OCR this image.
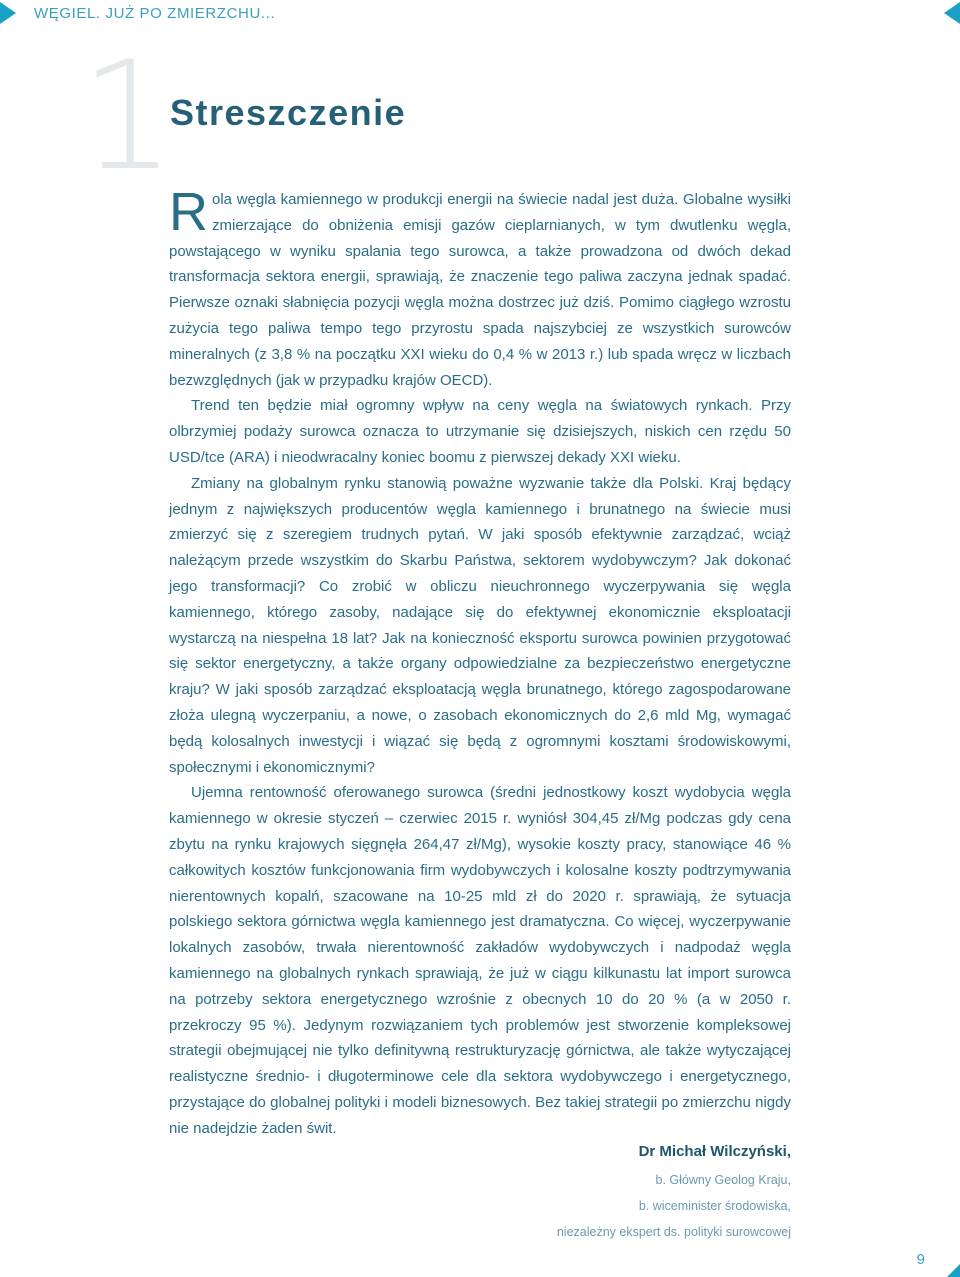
WĘGIEL. JUŻ PO ZMIERZCHU...
1
Streszczenie

Rola węgla kamiennego w produkcji energii na świecie nadal jest duża. Globalne wysiłki zmierzające do obniżenia emisji gazów cieplarnianych, w tym dwutlenku węgla, powstającego w wyniku spalania tego surowca, a także prowadzona od dwóch dekad transformacja sektora energii, sprawiają, że znaczenie tego paliwa zaczyna jednak spadać. Pierwsze oznaki słabnięcia pozycji węgla można dostrzec już dziś. Pomimo ciągłego wzrostu zużycia tego paliwa tempo tego przyrostu spada najszybciej ze wszystkich surowców mineralnych (z 3,8 % na początku XXI wieku do 0,4 % w 2013 r.) lub spada wręcz w liczbach bezwzględnych (jak w przypadku krajów OECD).

Trend ten będzie miał ogromny wpływ na ceny węgla na światowych rynkach. Przy olbrzymiej podaży surowca oznacza to utrzymanie się dzisiejszych, niskich cen rzędu 50 USD/tce (ARA) i nieodwracalny koniec boomu z pierwszej dekady XXI wieku.

Zmiany na globalnym rynku stanowią poważne wyzwanie także dla Polski. Kraj będący jednym z największych producentów węgla kamiennego i brunatnego na świecie musi zmierzyć się z szeregiem trudnych pytań. W jaki sposób efektywnie zarządzać, wciąż należącym przede wszystkim do Skarbu Państwa, sektorem wydobywczym? Jak dokonać jego transformacji? Co zrobić w obliczu nieuchronnego wyczerpywania się węgla kamiennego, którego zasoby, nadające się do efektywnej ekonomicznie eksploatacji wystarczą na niespełna 18 lat? Jak na konieczność eksportu surowca powinien przygotować się sektor energetyczny, a także organy odpowiedzialne za bezpieczeństwo energetyczne kraju? W jaki sposób zarządzać eksploatacją węgla brunatnego, którego zagospodarowane złoża ulegną wyczerpaniu, a nowe, o zasobach ekonomicznych do 2,6 mld Mg, wymagać będą kolosalnych inwestycji i wiązać się będą z ogromnymi kosztami środowiskowymi, społecznymi i ekonomicznymi?

Ujemna rentowność oferowanego surowca (średni jednostkowy koszt wydobycia węgla kamiennego w okresie styczeń – czerwiec 2015 r. wyniósł 304,45 zł/Mg podczas gdy cena zbytu na rynku krajowych sięgnęła 264,47 zł/Mg), wysokie koszty pracy, stanowiące 46 % całkowitych kosztów funkcjonowania firm wydobywczych i kolosalne koszty podtrzymywania nierentownych kopalń, szacowane na 10-25 mld zł do 2020 r. sprawiają, że sytuacja polskiego sektora górnictwa węgla kamiennego jest dramatyczna. Co więcej, wyczerpywanie lokalnych zasobów, trwała nierentowność zakładów wydobywczych i nadpodaż węgla kamiennego na globalnych rynkach sprawiają, że już w ciągu kilkunastu lat import surowca na potrzeby sektora energetycznego wzrośnie z obecnych 10 do 20 % (a w 2050 r. przekroczy 95 %). Jedynym rozwiązaniem tych problemów jest stworzenie kompleksowej strategii obejmującej nie tylko definitywną restrukturyzację górnictwa, ale także wytyczającej realistyczne średnio- i długoterminowe cele dla sektora wydobywczego i energetycznego, przystające do globalnej polityki i modeli biznesowych. Bez takiej strategii po zmierzchu nigdy nie nadejdzie żaden świt.

Dr Michał Wilczyński,
b. Główny Geolog Kraju,
b. wiceminister środowiska,
niezależny ekspert ds. polityki surowcowej
9
